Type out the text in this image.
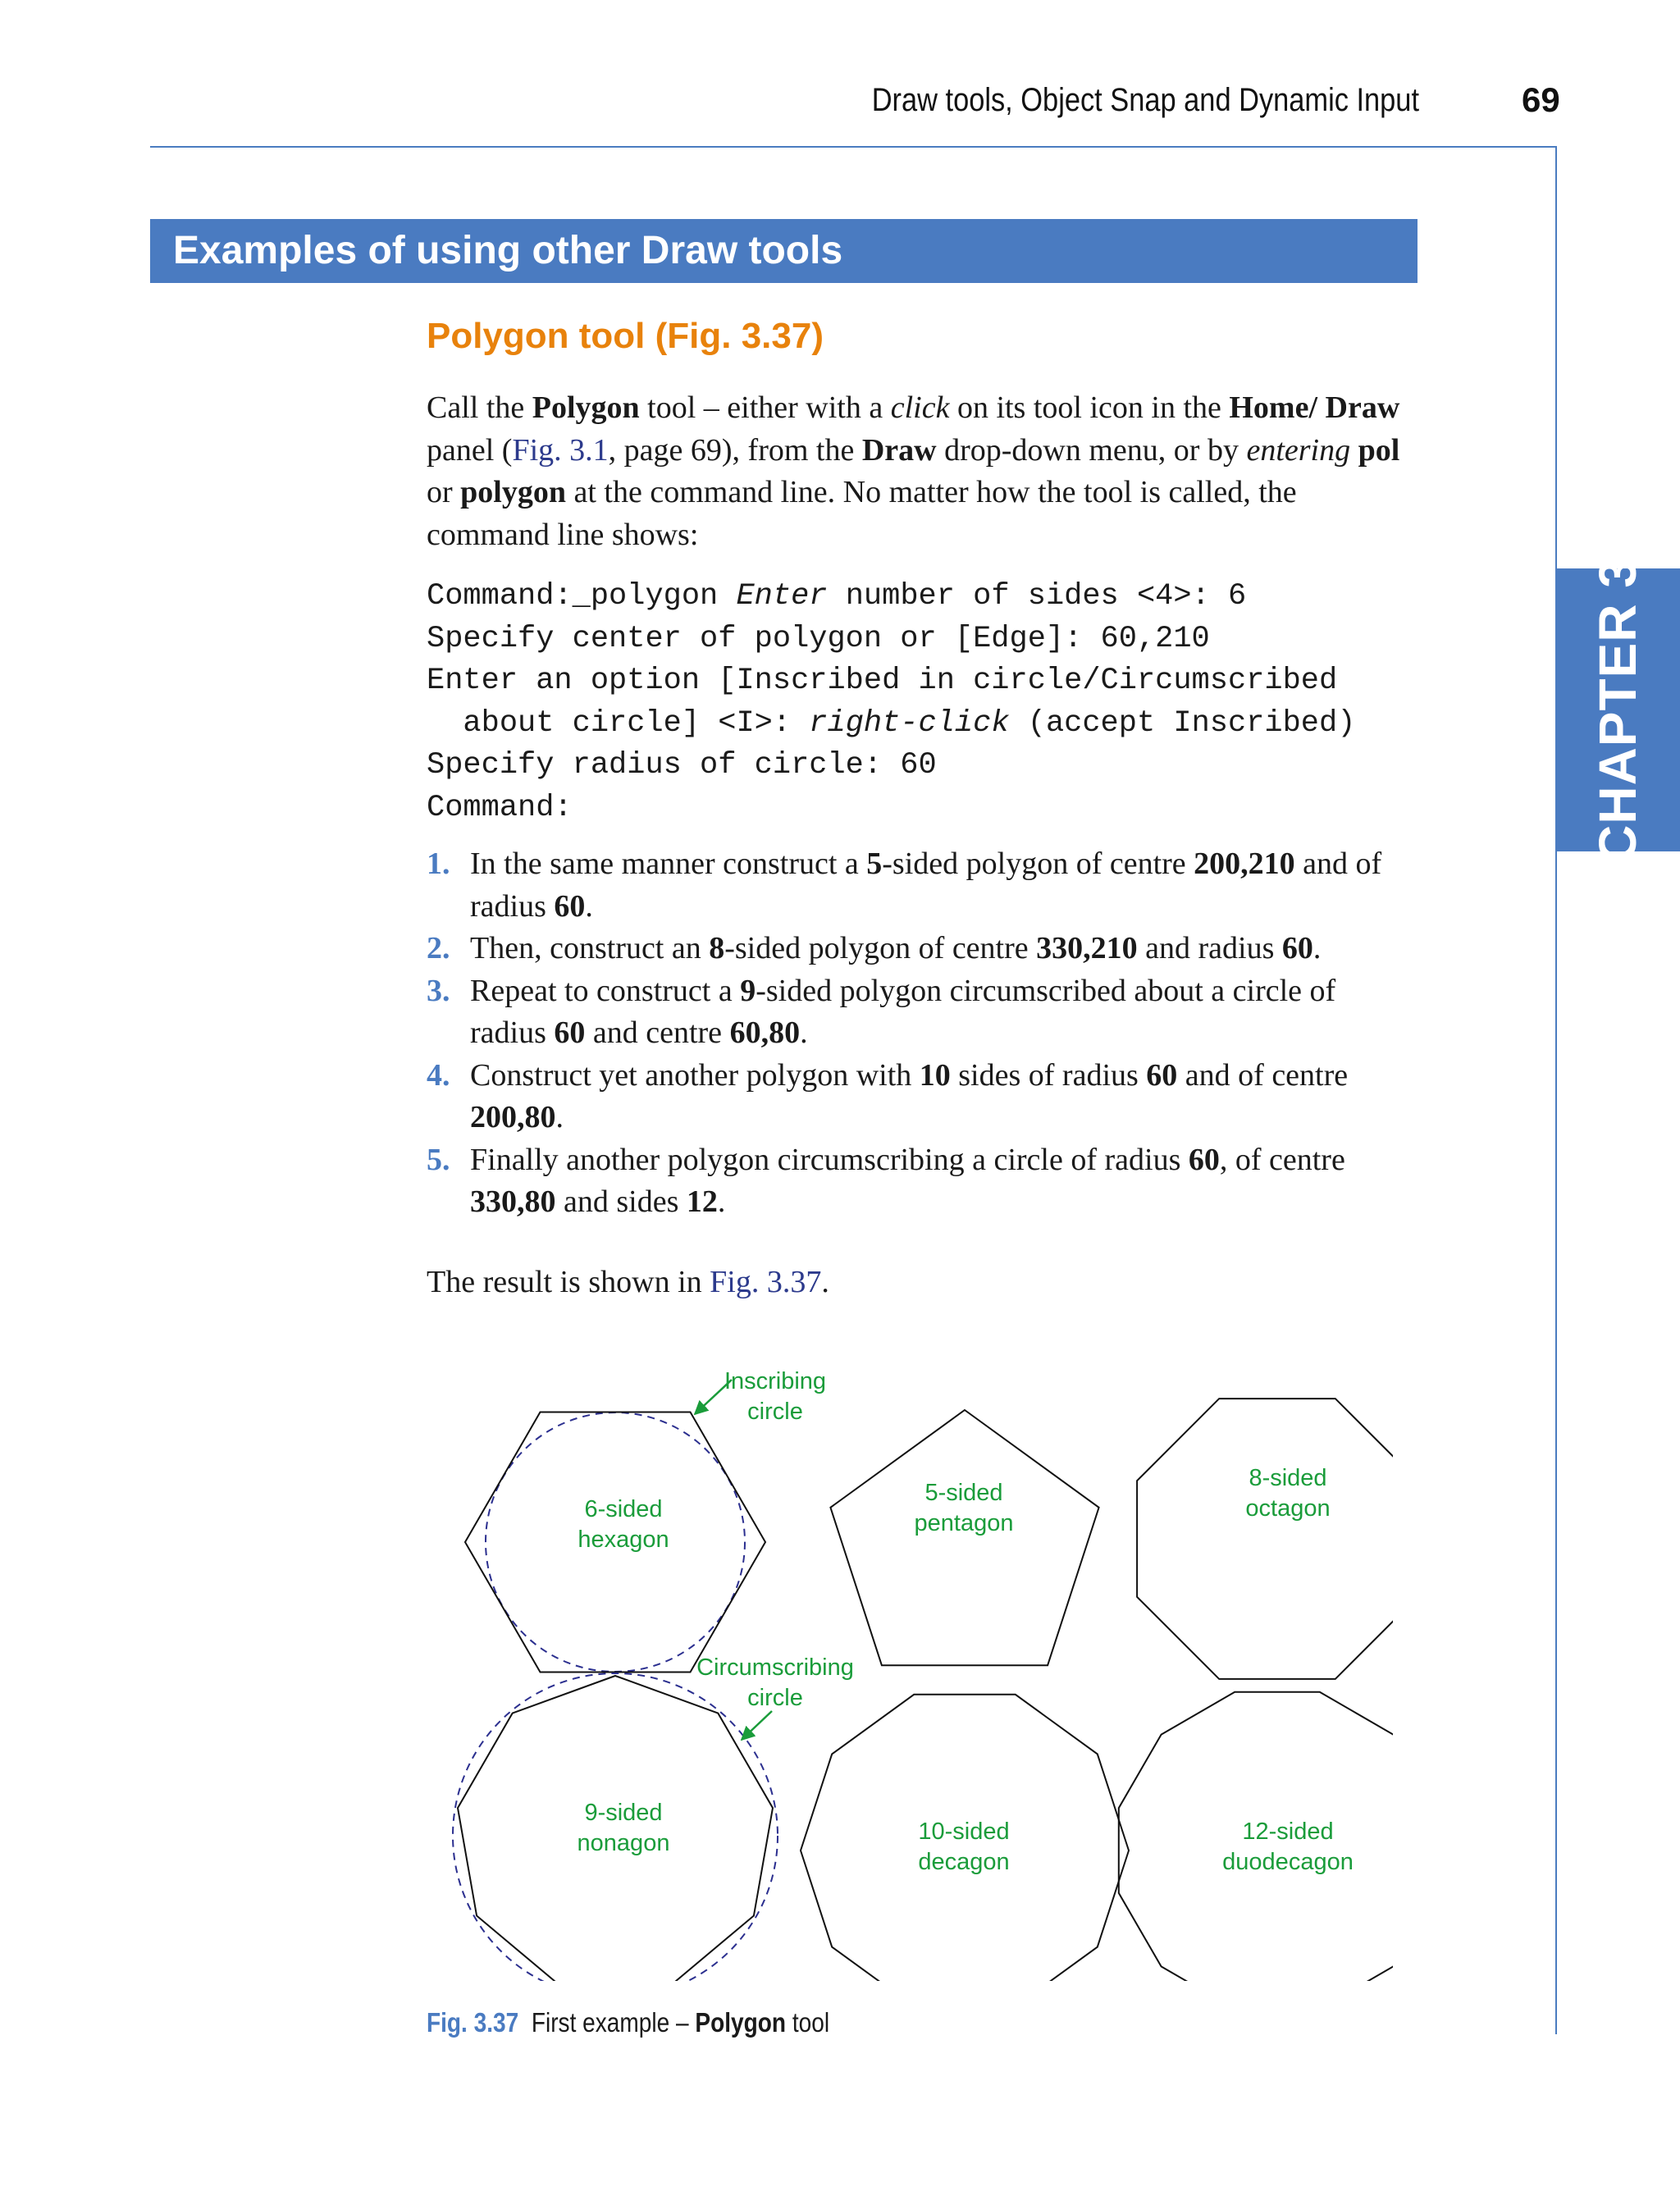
Draw tools, Object Snap and Dynamic Input	69
Examples of using other Draw tools
CHAPTER 3
Polygon tool (Fig. 3.37)
Call the Polygon tool – either with a click on its tool icon in the Home/ Draw panel (Fig. 3.1, page 69), from the Draw drop-down menu, or by entering pol or polygon at the command line. No matter how the tool is called, the command line shows:
Command:_polygon Enter number of sides <4>: 6
Specify center of polygon or [Edge]: 60,210
Enter an option [Inscribed in circle/Circumscribed
about circle] <I>: right-click (accept Inscribed)
Specify radius of circle: 60
Command:
1. In the same manner construct a 5-sided polygon of centre 200,210 and of radius 60.
2. Then, construct an 8-sided polygon of centre 330,210 and radius 60.
3. Repeat to construct a 9-sided polygon circumscribed about a circle of radius 60 and centre 60,80.
4. Construct yet another polygon with 10 sides of radius 60 and of centre 200,80.
5. Finally another polygon circumscribing a circle of radius 60, of centre 330,80 and sides 12.
The result is shown in Fig. 3.37.
Inscribing
circle
Circumscribing
circle
6-sided
hexagon
5-sided
pentagon
8-sided
octagon
9-sided
nonagon	10-sided
decagon
12-sided
duodecagon
Fig. 3.37 First example – Polygon tool
